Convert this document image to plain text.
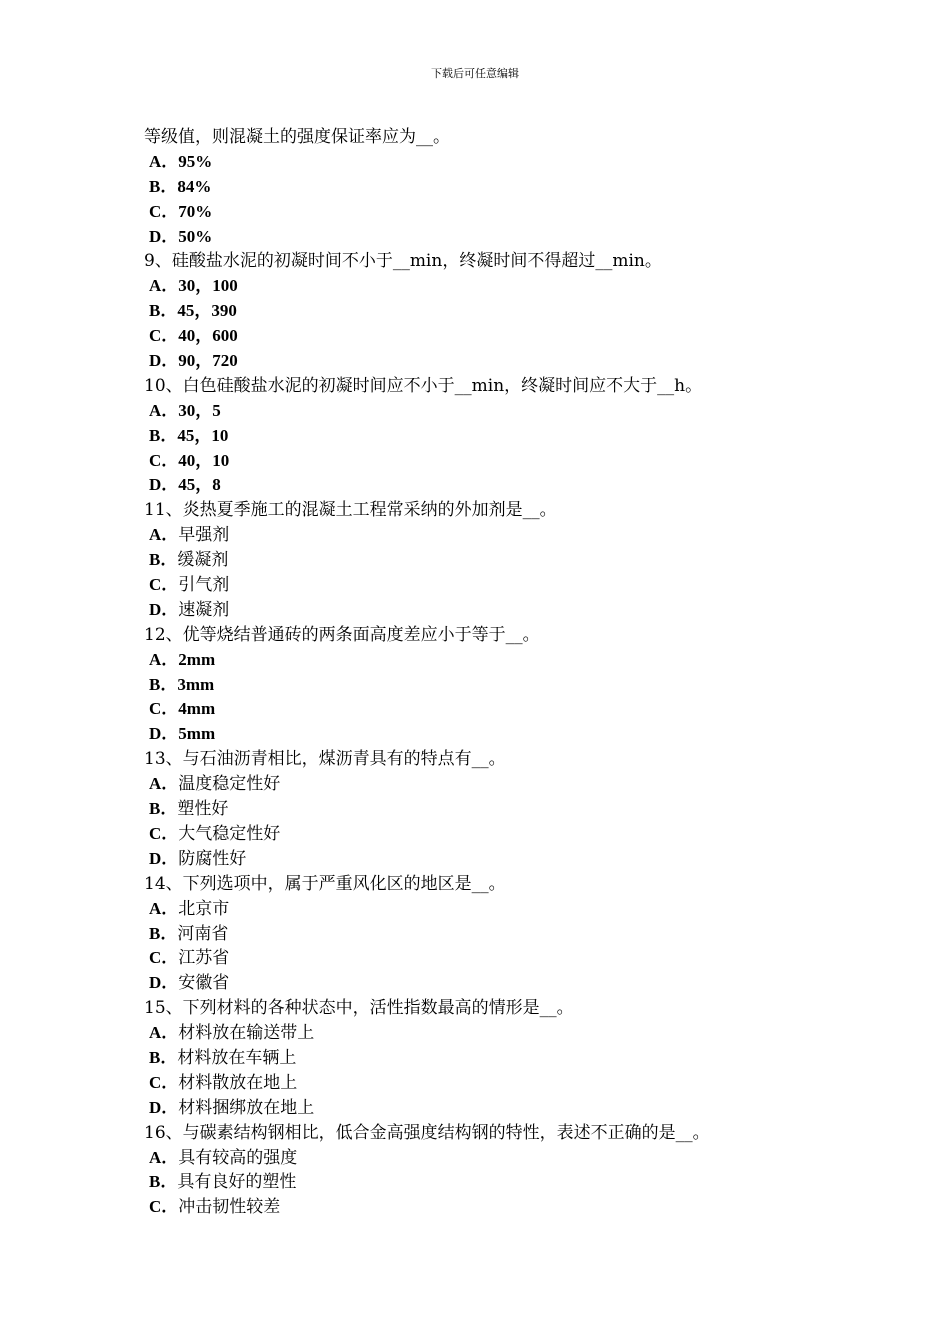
下载后可任意编辑
等级值，则混凝土的强度保证率应为__。
A．95%
B．84%
C．70%
D．50%
9、硅酸盐水泥的初凝时间不小于__min，终凝时间不得超过__min。
A．30，100
B．45，390
C．40，600
D．90，720
10、白色硅酸盐水泥的初凝时间应不小于__min，终凝时间应不大于__h。
A．30，5
B．45，10
C．40，10
D．45，8
11、炎热夏季施工的混凝土工程常采纳的外加剂是__。
A．早强剂
B．缓凝剂
C．引气剂
D．速凝剂
12、优等烧结普通砖的两条面高度差应小于等于__。
A．2mm
B．3mm
C．4mm
D．5mm
13、与石油沥青相比，煤沥青具有的特点有__。
A．温度稳定性好
B．塑性好
C．大气稳定性好
D．防腐性好
14、下列选项中，属于严重风化区的地区是__。
A．北京市
B．河南省
C．江苏省
D．安徽省
15、下列材料的各种状态中，活性指数最高的情形是__。
A．材料放在输送带上
B．材料放在车辆上
C．材料散放在地上
D．材料捆绑放在地上
16、与碳素结构钢相比，低合金高强度结构钢的特性，表述不正确的是__。
A．具有较高的强度
B．具有良好的塑性
C．冲击韧性较差
